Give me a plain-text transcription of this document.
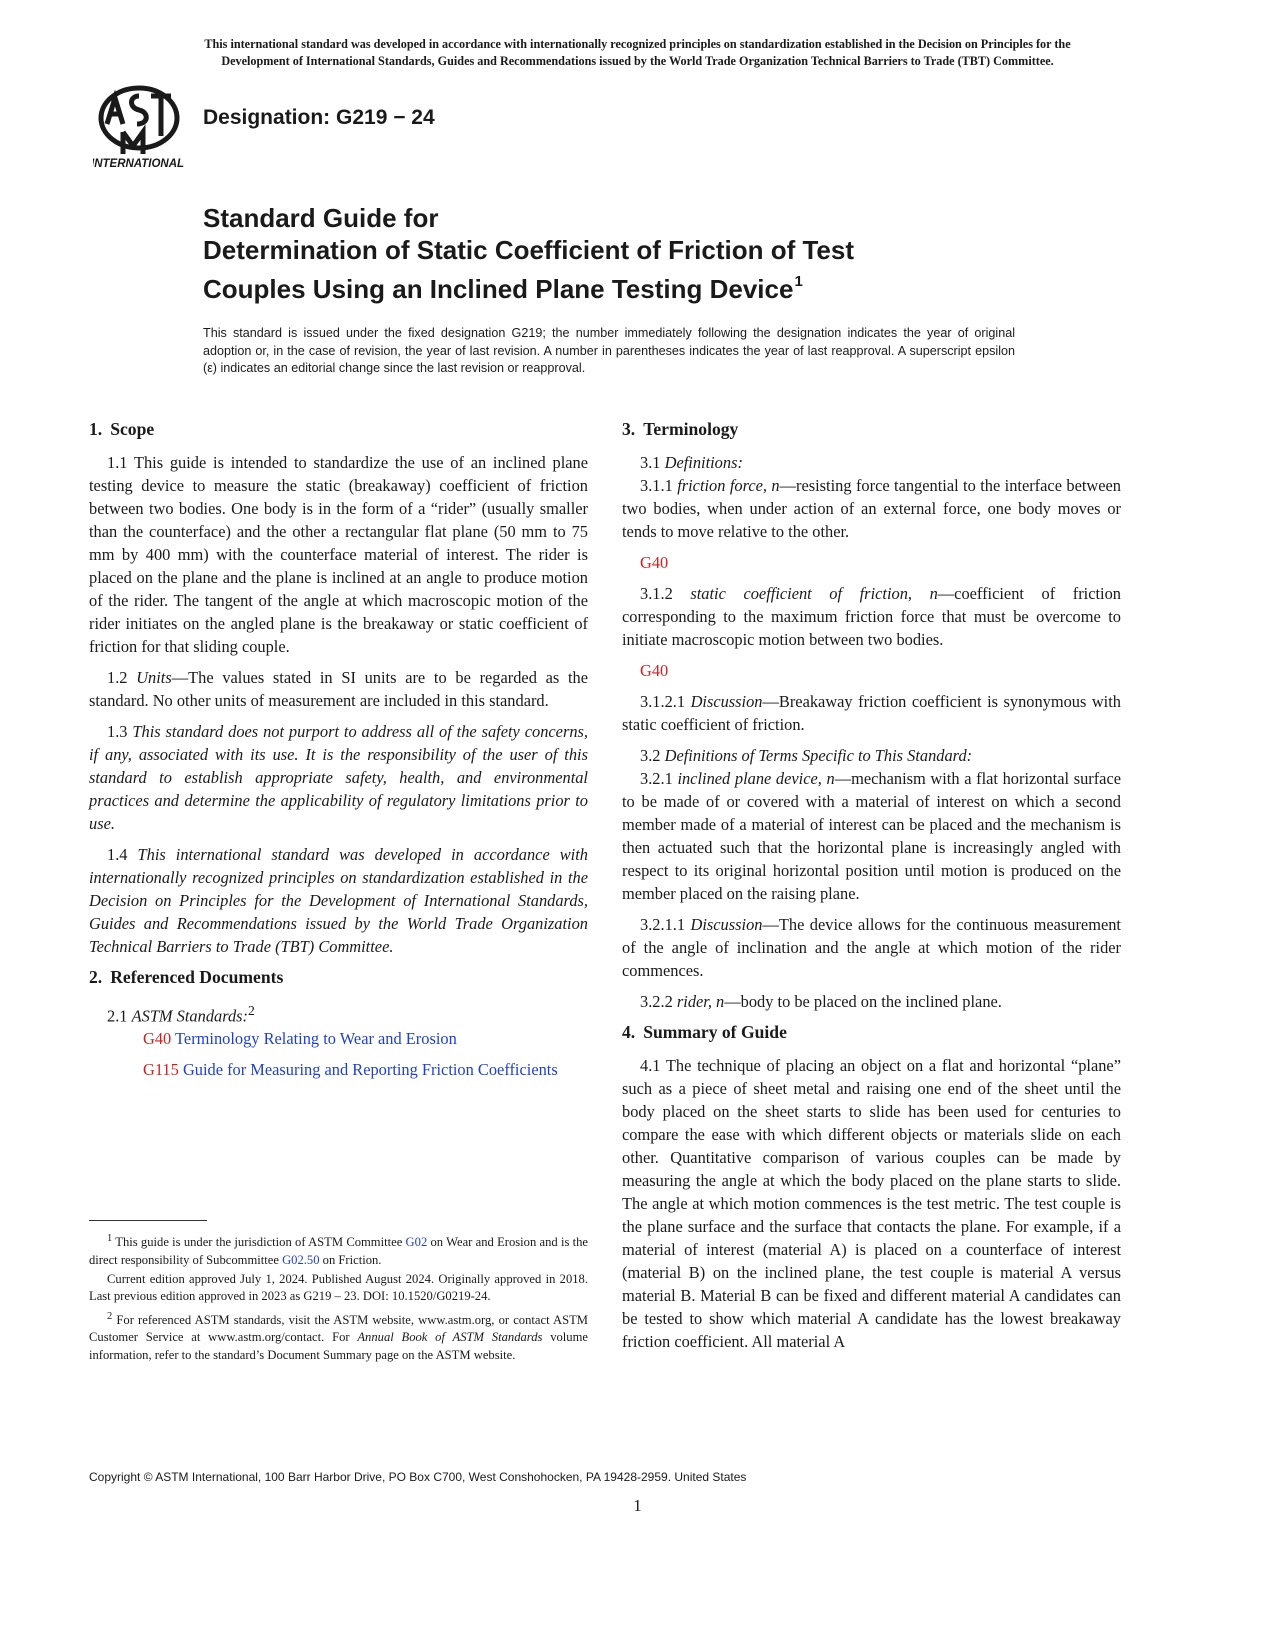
This international standard was developed in accordance with internationally recognized principles on standardization established in the Decision on Principles for the
Development of International Standards, Guides and Recommendations issued by the World Trade Organization Technical Barriers to Trade (TBT) Committee.
INTERNATIONAL
Designation: G219 − 24
Standard Guide for
Determination of Static Coefficient of Friction of Test
Couples Using an Inclined Plane Testing Device$^1$
This standard is issued under the fixed designation G219; the number immediately following the designation indicates the year of original adoption or, in the case of revision, the year of last revision. A number in parentheses indicates the year of last reapproval. A superscript epsilon (ε) indicates an editorial change since the last revision or reapproval.
1. Scope

1.1 This guide is intended to standardize the use of an inclined plane testing device to measure the static (breakaway) coefficient of friction between two bodies. One body is in the form of a “rider” (usually smaller than the counterface) and the other a rectangular flat plane (50 mm to 75 mm by 400 mm) with the counterface material of interest. The rider is placed on the plane and the plane is inclined at an angle to produce motion of the rider. The tangent of the angle at which macroscopic motion of the rider initiates on the angled plane is the breakaway or static coefficient of friction for that sliding couple.

1.2 Units—The values stated in SI units are to be regarded as the standard. No other units of measurement are included in this standard.

1.3 This standard does not purport to address all of the safety concerns, if any, associated with its use. It is the responsibility of the user of this standard to establish appropriate safety, health, and environmental practices and determine the applicability of regulatory limitations prior to use.

1.4 This international standard was developed in accordance with internationally recognized principles on standardization established in the Decision on Principles for the Development of International Standards, Guides and Recommendations issued by the World Trade Organization Technical Barriers to Trade (TBT) Committee.

2. Referenced Documents

2.1 ASTM Standards:$^2$

G40 Terminology Relating to Wear and Erosion

G115 Guide for Measuring and Reporting Friction Coefficients

3. Terminology

3.1 Definitions:

3.1.1 friction force, n—resisting force tangential to the interface between two bodies, when under action of an external force, one body moves or tends to move relative to the other.

G40

3.1.2 static coefficient of friction, n—coefficient of friction corresponding to the maximum friction force that must be overcome to initiate macroscopic motion between two bodies.

G40

3.1.2.1 Discussion—Breakaway friction coefficient is synonymous with static coefficient of friction.

3.2 Definitions of Terms Specific to This Standard:

3.2.1 inclined plane device, n—mechanism with a flat horizontal surface to be made of or covered with a material of interest on which a second member made of a material of interest can be placed and the mechanism is then actuated such that the horizontal plane is increasingly angled with respect to its original horizontal position until motion is produced on the member placed on the raising plane.

3.2.1.1 Discussion—The device allows for the continuous measurement of the angle of inclination and the angle at which motion of the rider commences.

3.2.2 rider, n—body to be placed on the inclined plane.

4. Summary of Guide

4.1 The technique of placing an object on a flat and horizontal “plane” such as a piece of sheet metal and raising one end of the sheet until the body placed on the sheet starts to slide has been used for centuries to compare the ease with which different objects or materials slide on each other. Quantitative comparison of various couples can be made by measuring the angle at which the body placed on the plane starts to slide. The angle at which motion commences is the test metric. The test couple is the plane surface and the surface that contacts the plane. For example, if a material of interest (material A) is placed on a counterface of interest (material B) on the inclined plane, the test couple is material A versus material B. Material B can be fixed and different material A candidates can be tested to show which material A candidate has the lowest breakaway friction coefficient. All material A

$^1$ This guide is under the jurisdiction of ASTM Committee G02 on Wear and Erosion and is the direct responsibility of Subcommittee G02.50 on Friction.

Current edition approved July 1, 2024. Published August 2024. Originally approved in 2018. Last previous edition approved in 2023 as G219 – 23. DOI: 10.1520/G0219-24.

$^2$ For referenced ASTM standards, visit the ASTM website, www.astm.org, or contact ASTM Customer Service at www.astm.org/contact. For Annual Book of ASTM Standards volume information, refer to the standard’s Document Summary page on the ASTM website.

Copyright © ASTM International, 100 Barr Harbor Drive, PO Box C700, West Conshohocken, PA 19428-2959. United States
1
